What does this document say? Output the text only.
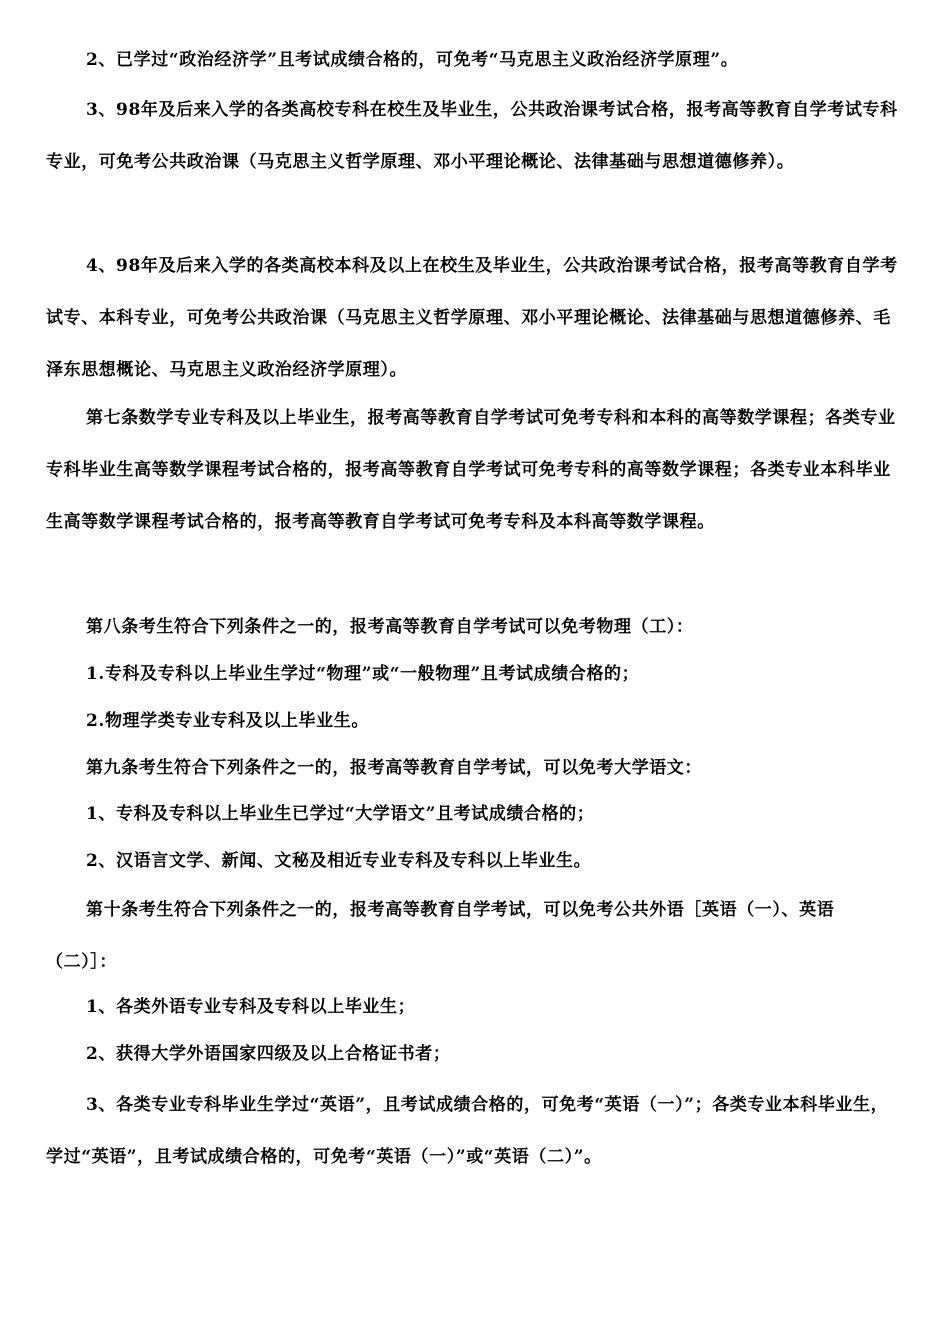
2、已学过“政治经济学”且考试成绩合格的，可免考“马克思主义政治经济学原理”。
3、98年及后来入学的各类高校专科在校生及毕业生，公共政治课考试合格，报考高等教育自学考试专科专业，可免考公共政治课（马克思主义哲学原理、邓小平理论概论、法律基础与思想道德修养）。
4、98年及后来入学的各类高校本科及以上在校生及毕业生，公共政治课考试合格，报考高等教育自学考试专、本科专业，可免考公共政治课（马克思主义哲学原理、邓小平理论概论、法律基础与思想道德修养、毛泽东思想概论、马克思主义政治经济学原理）。
第七条数学专业专科及以上毕业生，报考高等教育自学考试可免考专科和本科的高等数学课程；各类专业专科毕业生高等数学课程考试合格的，报考高等教育自学考试可免考专科的高等数学课程；各类专业本科毕业生高等数学课程考试合格的，报考高等教育自学考试可免考专科及本科高等数学课程。
第八条考生符合下列条件之一的，报考高等教育自学考试可以免考物理（工）：
1.专科及专科以上毕业生学过“物理”或“一般物理”且考试成绩合格的；
2.物理学类专业专科及以上毕业生。
第九条考生符合下列条件之一的，报考高等教育自学考试，可以免考大学语文：
1、专科及专科以上毕业生已学过“大学语文”且考试成绩合格的；
2、汉语言文学、新闻、文秘及相近专业专科及专科以上毕业生。
第十条考生符合下列条件之一的，报考高等教育自学考试，可以免考公共外语［英语（一）、英语（二）］：
1、各类外语专业专科及专科以上毕业生；
2、获得大学外语国家四级及以上合格证书者；
3、各类专业专科毕业生学过“英语”，且考试成绩合格的，可免考“英语（一）”；各类专业本科毕业生，学过“英语”，且考试成绩合格的，可免考“英语（一）”或“英语（二）”。
